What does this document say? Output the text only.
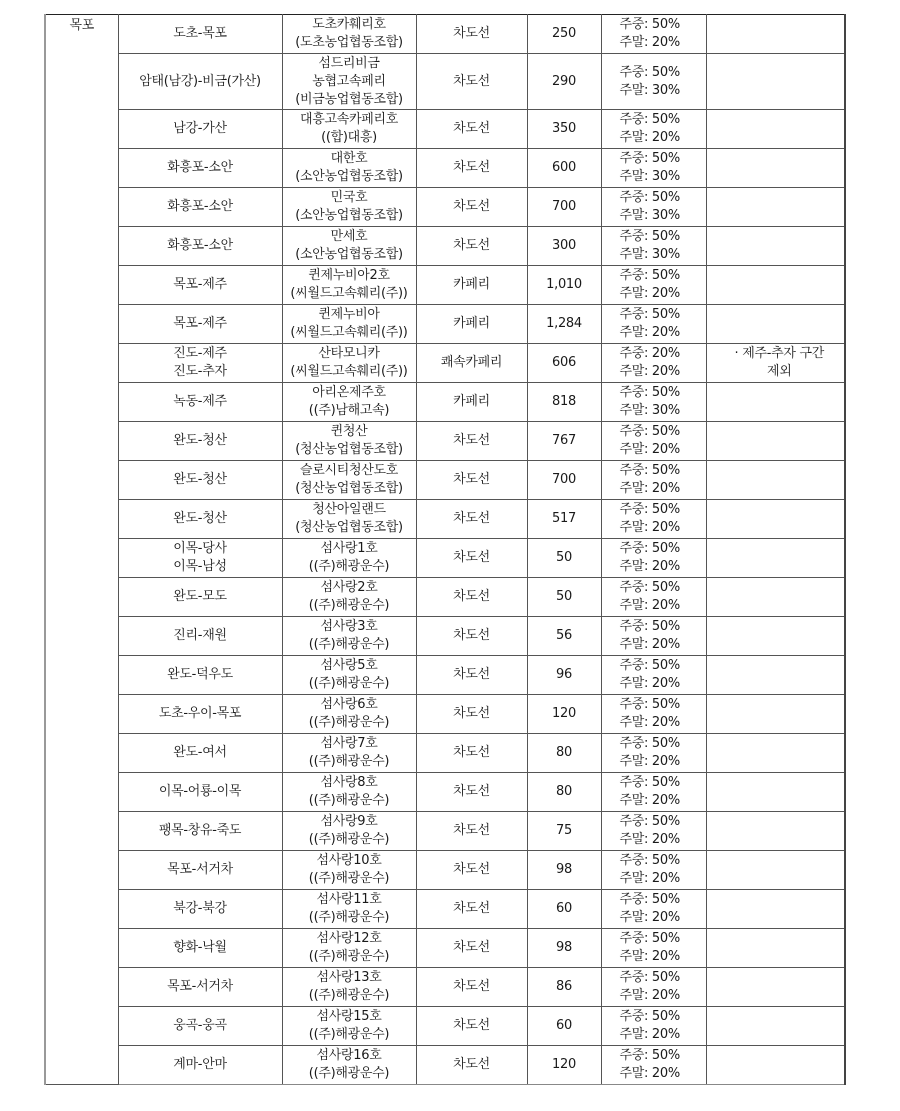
목포	도초-목포	도초카훼리호
(도초농업협동조합)	차도선	250	주중: 50%
주말: 20%	

	암태(남강)-비금(가산)	섬드리비금
농협고속페리
(비금농업협동조합)	차도선	290	주중: 50%
주말: 30%	

	남강-가산	대흥고속카페리호
((합)대흥)	차도선	350	주중: 50%
주말: 20%	

	화흥포-소안	대한호
(소안농업협동조합)	차도선	600	주중: 50%
주말: 30%	

	화흥포-소안	민국호
(소안농업협동조합)	차도선	700	주중: 50%
주말: 30%	

	화흥포-소안	만세호
(소안농업협동조합)	차도선	300	주중: 50%
주말: 30%	

	목포-제주	퀸제누비아2호
(씨월드고속훼리(주))	카페리	1,010	주중: 50%
주말: 20%	

	목포-제주	퀸제누비아
(씨월드고속훼리(주))	카페리	1,284	주중: 50%
주말: 20%	

	진도-제주
진도-추자	산타모니카
(씨월드고속훼리(주))	쾌속카페리	606	주중: 20%
주말: 20%	· 제주-추자 구간
제외

	녹동-제주	아리온제주호
((주)남해고속)	카페리	818	주중: 50%
주말: 30%	

	완도-청산	퀸청산
(청산농업협동조합)	차도선	767	주중: 50%
주말: 20%	

	완도-청산	슬로시티청산도호
(청산농업협동조합)	차도선	700	주중: 50%
주말: 20%	

	완도-청산	청산아일랜드
(청산농업협동조합)	차도선	517	주중: 50%
주말: 20%	

	이목-당사
이목-남성	섬사랑1호
((주)해광운수)	차도선	50	주중: 50%
주말: 20%	

	완도-모도	섬사랑2호
((주)해광운수)	차도선	50	주중: 50%
주말: 20%	

	진리-재원	섬사랑3호
((주)해광운수)	차도선	56	주중: 50%
주말: 20%	

	완도-덕우도	섬사랑5호
((주)해광운수)	차도선	96	주중: 50%
주말: 20%	

	도초-우이-목포	섬사랑6호
((주)해광운수)	차도선	120	주중: 50%
주말: 20%	

	완도-여서	섬사랑7호
((주)해광운수)	차도선	80	주중: 50%
주말: 20%	

	이목-어룡-이목	섬사랑8호
((주)해광운수)	차도선	80	주중: 50%
주말: 20%	

	팽목-창유-죽도	섬사랑9호
((주)해광운수)	차도선	75	주중: 50%
주말: 20%	

	목포-서거차	섬사랑10호
((주)해광운수)	차도선	98	주중: 50%
주말: 20%	

	북강-북강	섬사랑11호
((주)해광운수)	차도선	60	주중: 50%
주말: 20%	

	향화-낙월	섬사랑12호
((주)해광운수)	차도선	98	주중: 50%
주말: 20%	

	목포-서거차	섬사랑13호
((주)해광운수)	차도선	86	주중: 50%
주말: 20%	

	웅곡-웅곡	섬사랑15호
((주)해광운수)	차도선	60	주중: 50%
주말: 20%	

	계마-안마	섬사랑16호
((주)해광운수)	차도선	120	주중: 50%
주말: 20%	
